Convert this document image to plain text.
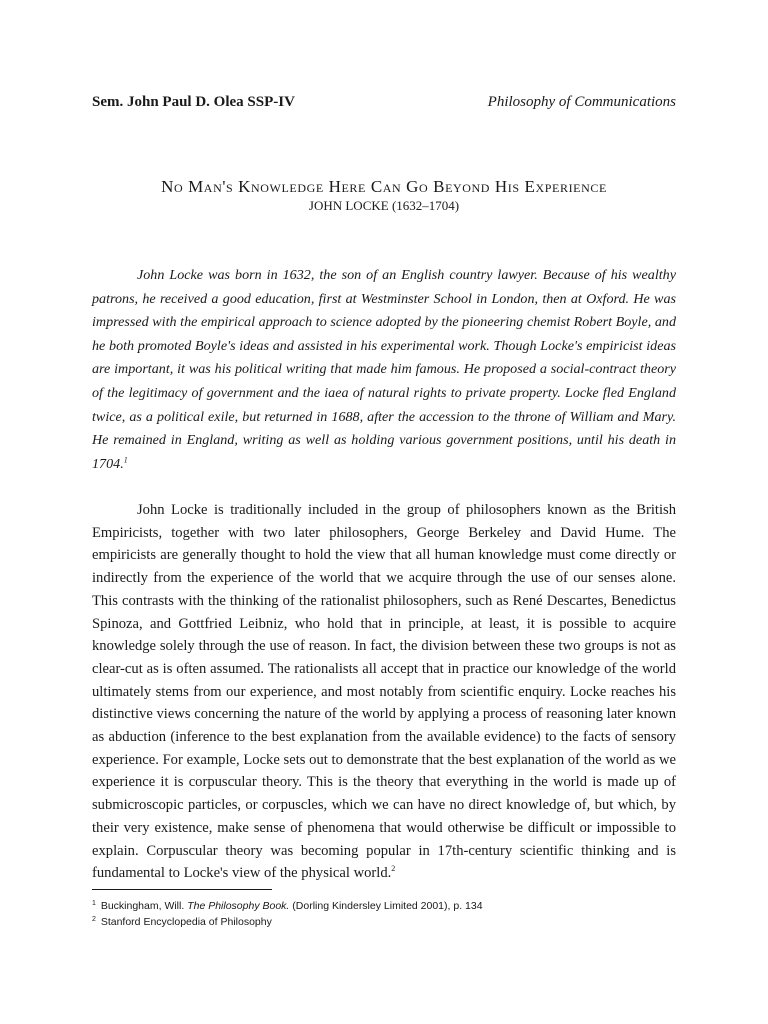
Sem. John Paul D. Olea SSP-IV	Philosophy of Communications
No Man's Knowledge Here Can Go Beyond His Experience
JOHN LOCKE (1632–1704)

John Locke was born in 1632, the son of an English country lawyer. Because of his wealthy patrons, he received a good education, first at Westminster School in London, then at Oxford. He was impressed with the empirical approach to science adopted by the pioneering chemist Robert Boyle, and he both promoted Boyle's ideas and assisted in his experimental work. Though Locke's empiricist ideas are important, it was his political writing that made him famous. He proposed a social-contract theory of the legitimacy of government and the iaea of natural rights to private property. Locke fled England twice, as a political exile, but returned in 1688, after the accession to the throne of William and Mary. He remained in England, writing as well as holding various government positions, until his death in 1704.$^1$

John Locke is traditionally included in the group of philosophers known as the British Empiricists, together with two later philosophers, George Berkeley and David Hume. The empiricists are generally thought to hold the view that all human knowledge must come directly or indirectly from the experience of the world that we acquire through the use of our senses alone. This contrasts with the thinking of the rationalist philosophers, such as René Descartes, Benedictus Spinoza, and Gottfried Leibniz, who hold that in principle, at least, it is possible to acquire knowledge solely through the use of reason. In fact, the division between these two groups is not as clear-cut as is often assumed. The rationalists all accept that in practice our knowledge of the world ultimately stems from our experience, and most notably from scientific enquiry. Locke reaches his distinctive views concerning the nature of the world by applying a process of reasoning later known as abduction (inference to the best explanation from the available evidence) to the facts of sensory experience. For example, Locke sets out to demonstrate that the best explanation of the world as we experience it is corpuscular theory. This is the theory that everything in the world is made up of submicroscopic particles, or corpuscles, which we can have no direct knowledge of, but which, by their very existence, make sense of phenomena that would otherwise be difficult or impossible to explain. Corpuscular theory was becoming popular in 17th-century scientific thinking and is fundamental to Locke's view of the physical world.$^2$

$^1$ Buckingham, Will. The Philosophy Book. (Dorling Kindersley Limited 2001), p. 134
$^2$ Stanford Encyclopedia of Philosophy
